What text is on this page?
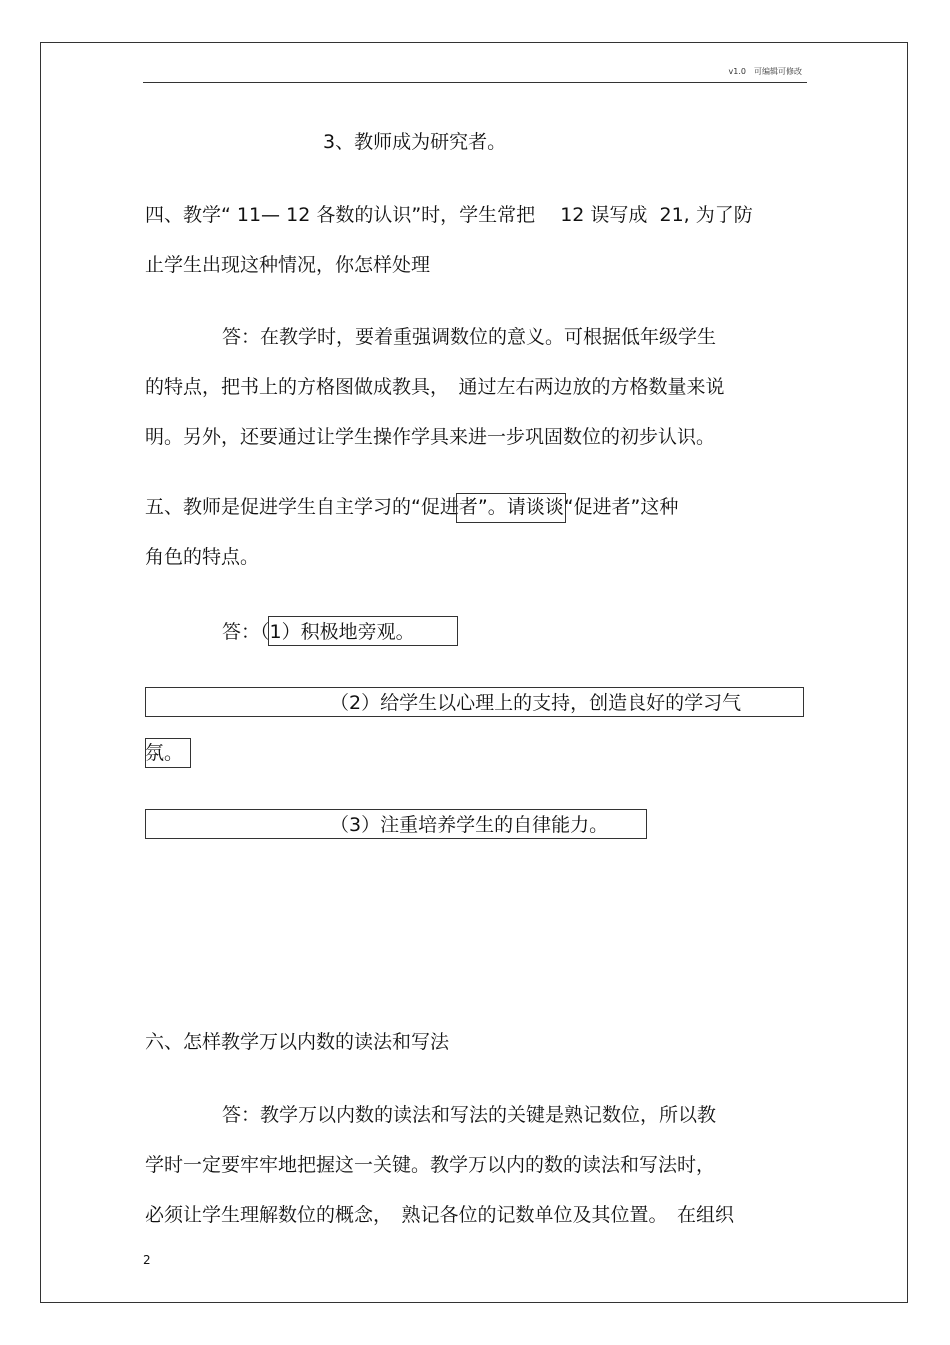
v1.0　可编辑可修改
3、教师成为研究者。
四、教学“ 11— 12 各数的认识”时，学生常把　 12 误写成  21, 为了防
止学生出现这种情况，你怎样处理
答：在教学时，要着重强调数位的意义。可根据低年级学生
的特点，把书上的方格图做成教具，　通过左右两边放的方格数量来说
明。另外，还要通过让学生操作学具来进一步巩固数位的初步认识。
五、教师是促进学生自主学习的“促进者”。请谈谈“促进者”这种
角色的特点。
答：（1）积极地旁观。
（2）给学生以心理上的支持，创造良好的学习气
氛。
（3）注重培养学生的自律能力。
六、怎样教学万以内数的读法和写法
答：教学万以内数的读法和写法的关键是熟记数位，所以教
学时一定要牢牢地把握这一关键。教学万以内的数的读法和写法时，
必须让学生理解数位的概念，　熟记各位的记数单位及其位置。　在组织
2
